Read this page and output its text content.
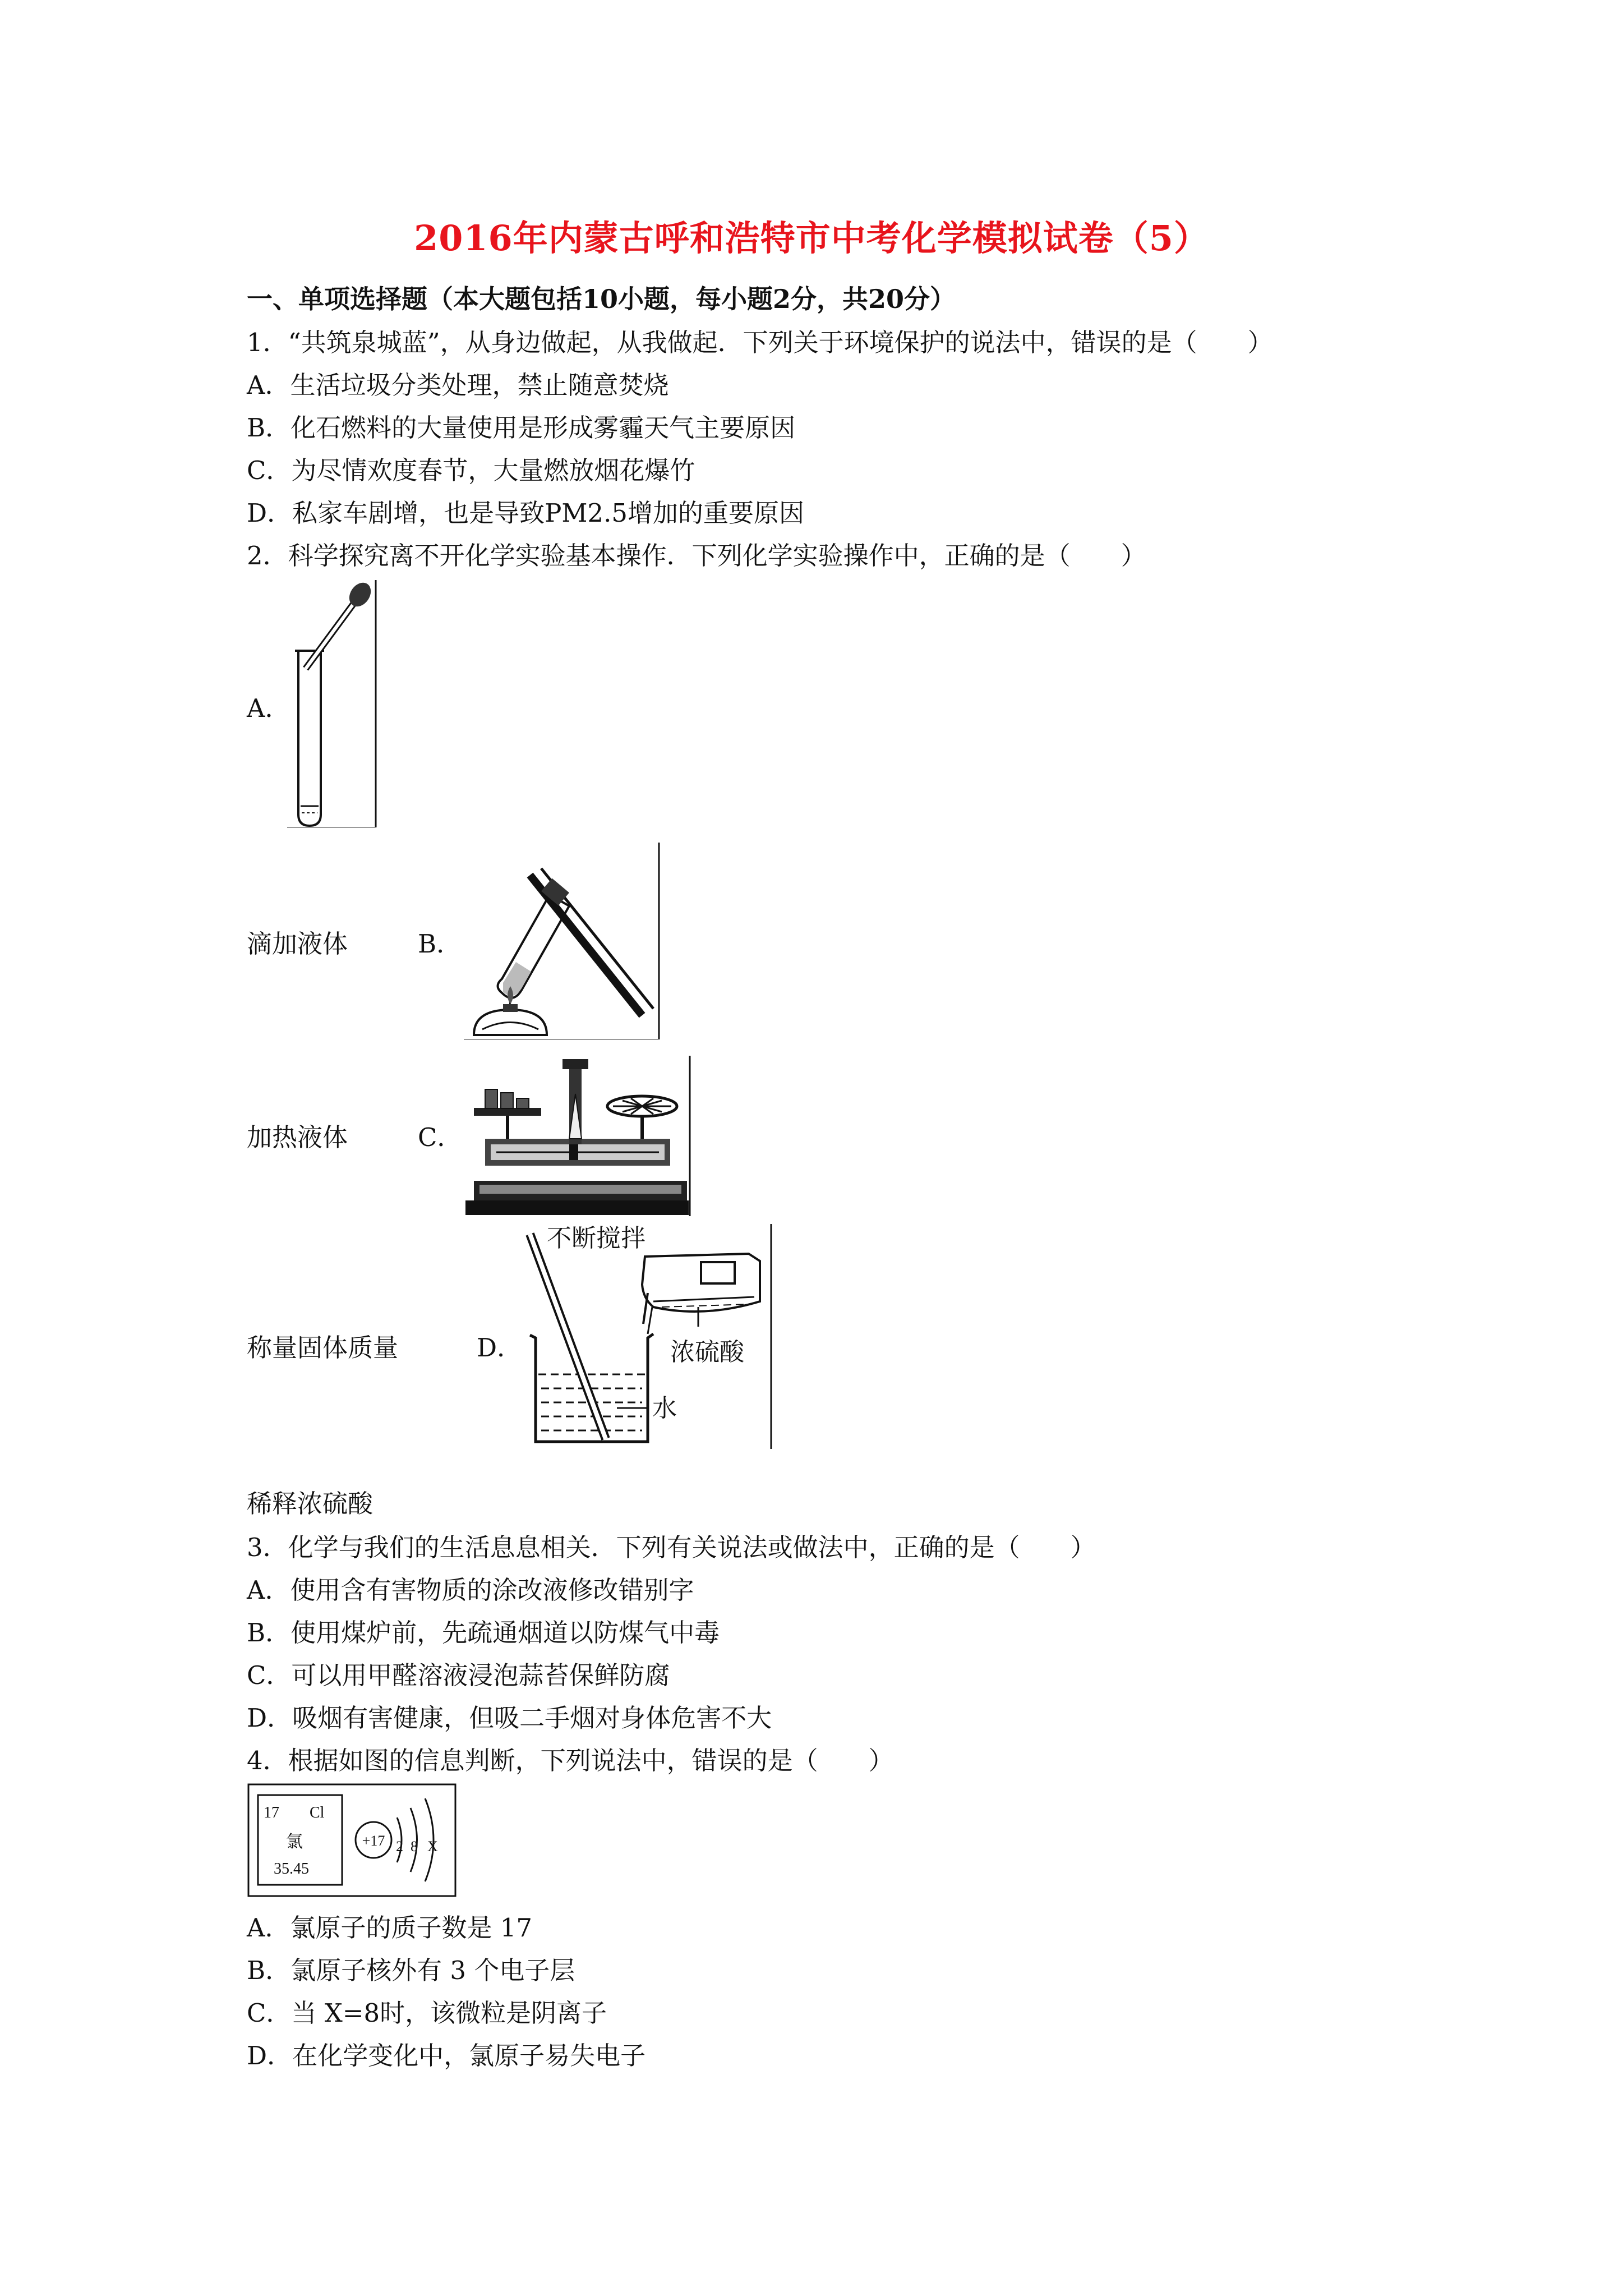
2016年内蒙古呼和浩特市中考化学模拟试卷（5）
一、单项选择题（本大题包括10小题，每小题2分，共20分）
1．“共筑泉城蓝”，从身边做起，从我做起．下列关于环境保护的说法中，错误的是（　　）
A．生活垃圾分类处理，禁止随意焚烧
B．化石燃料的大量使用是形成雾霾天气主要原因
C．为尽情欢度春节，大量燃放烟花爆竹
D．私家车剧增，也是导致PM2.5增加的重要原因
2．科学探究离不开化学实验基本操作．下列化学实验操作中，正确的是（　　）
A．
滴加液体	B．
加热液体	C．
称量固体质量	D．
不断搅拌
浓硫酸
水
稀释浓硫酸
3．化学与我们的生活息息相关．下列有关说法或做法中，正确的是（　　）
A．使用含有害物质的涂改液修改错别字
B．使用煤炉前，先疏通烟道以防煤气中毒
C．可以用甲醛溶液浸泡蒜苔保鲜防腐
D．吸烟有害健康，但吸二手烟对身体危害不大
4．根据如图的信息判断，下列说法中，错误的是（　　）
17 Cl
氯
35.45
+17 2 8 X
A．氯原子的质子数是 17
B．氯原子核外有 3 个电子层
C．当 X=8时，该微粒是阴离子
D．在化学变化中，氯原子易失电子
